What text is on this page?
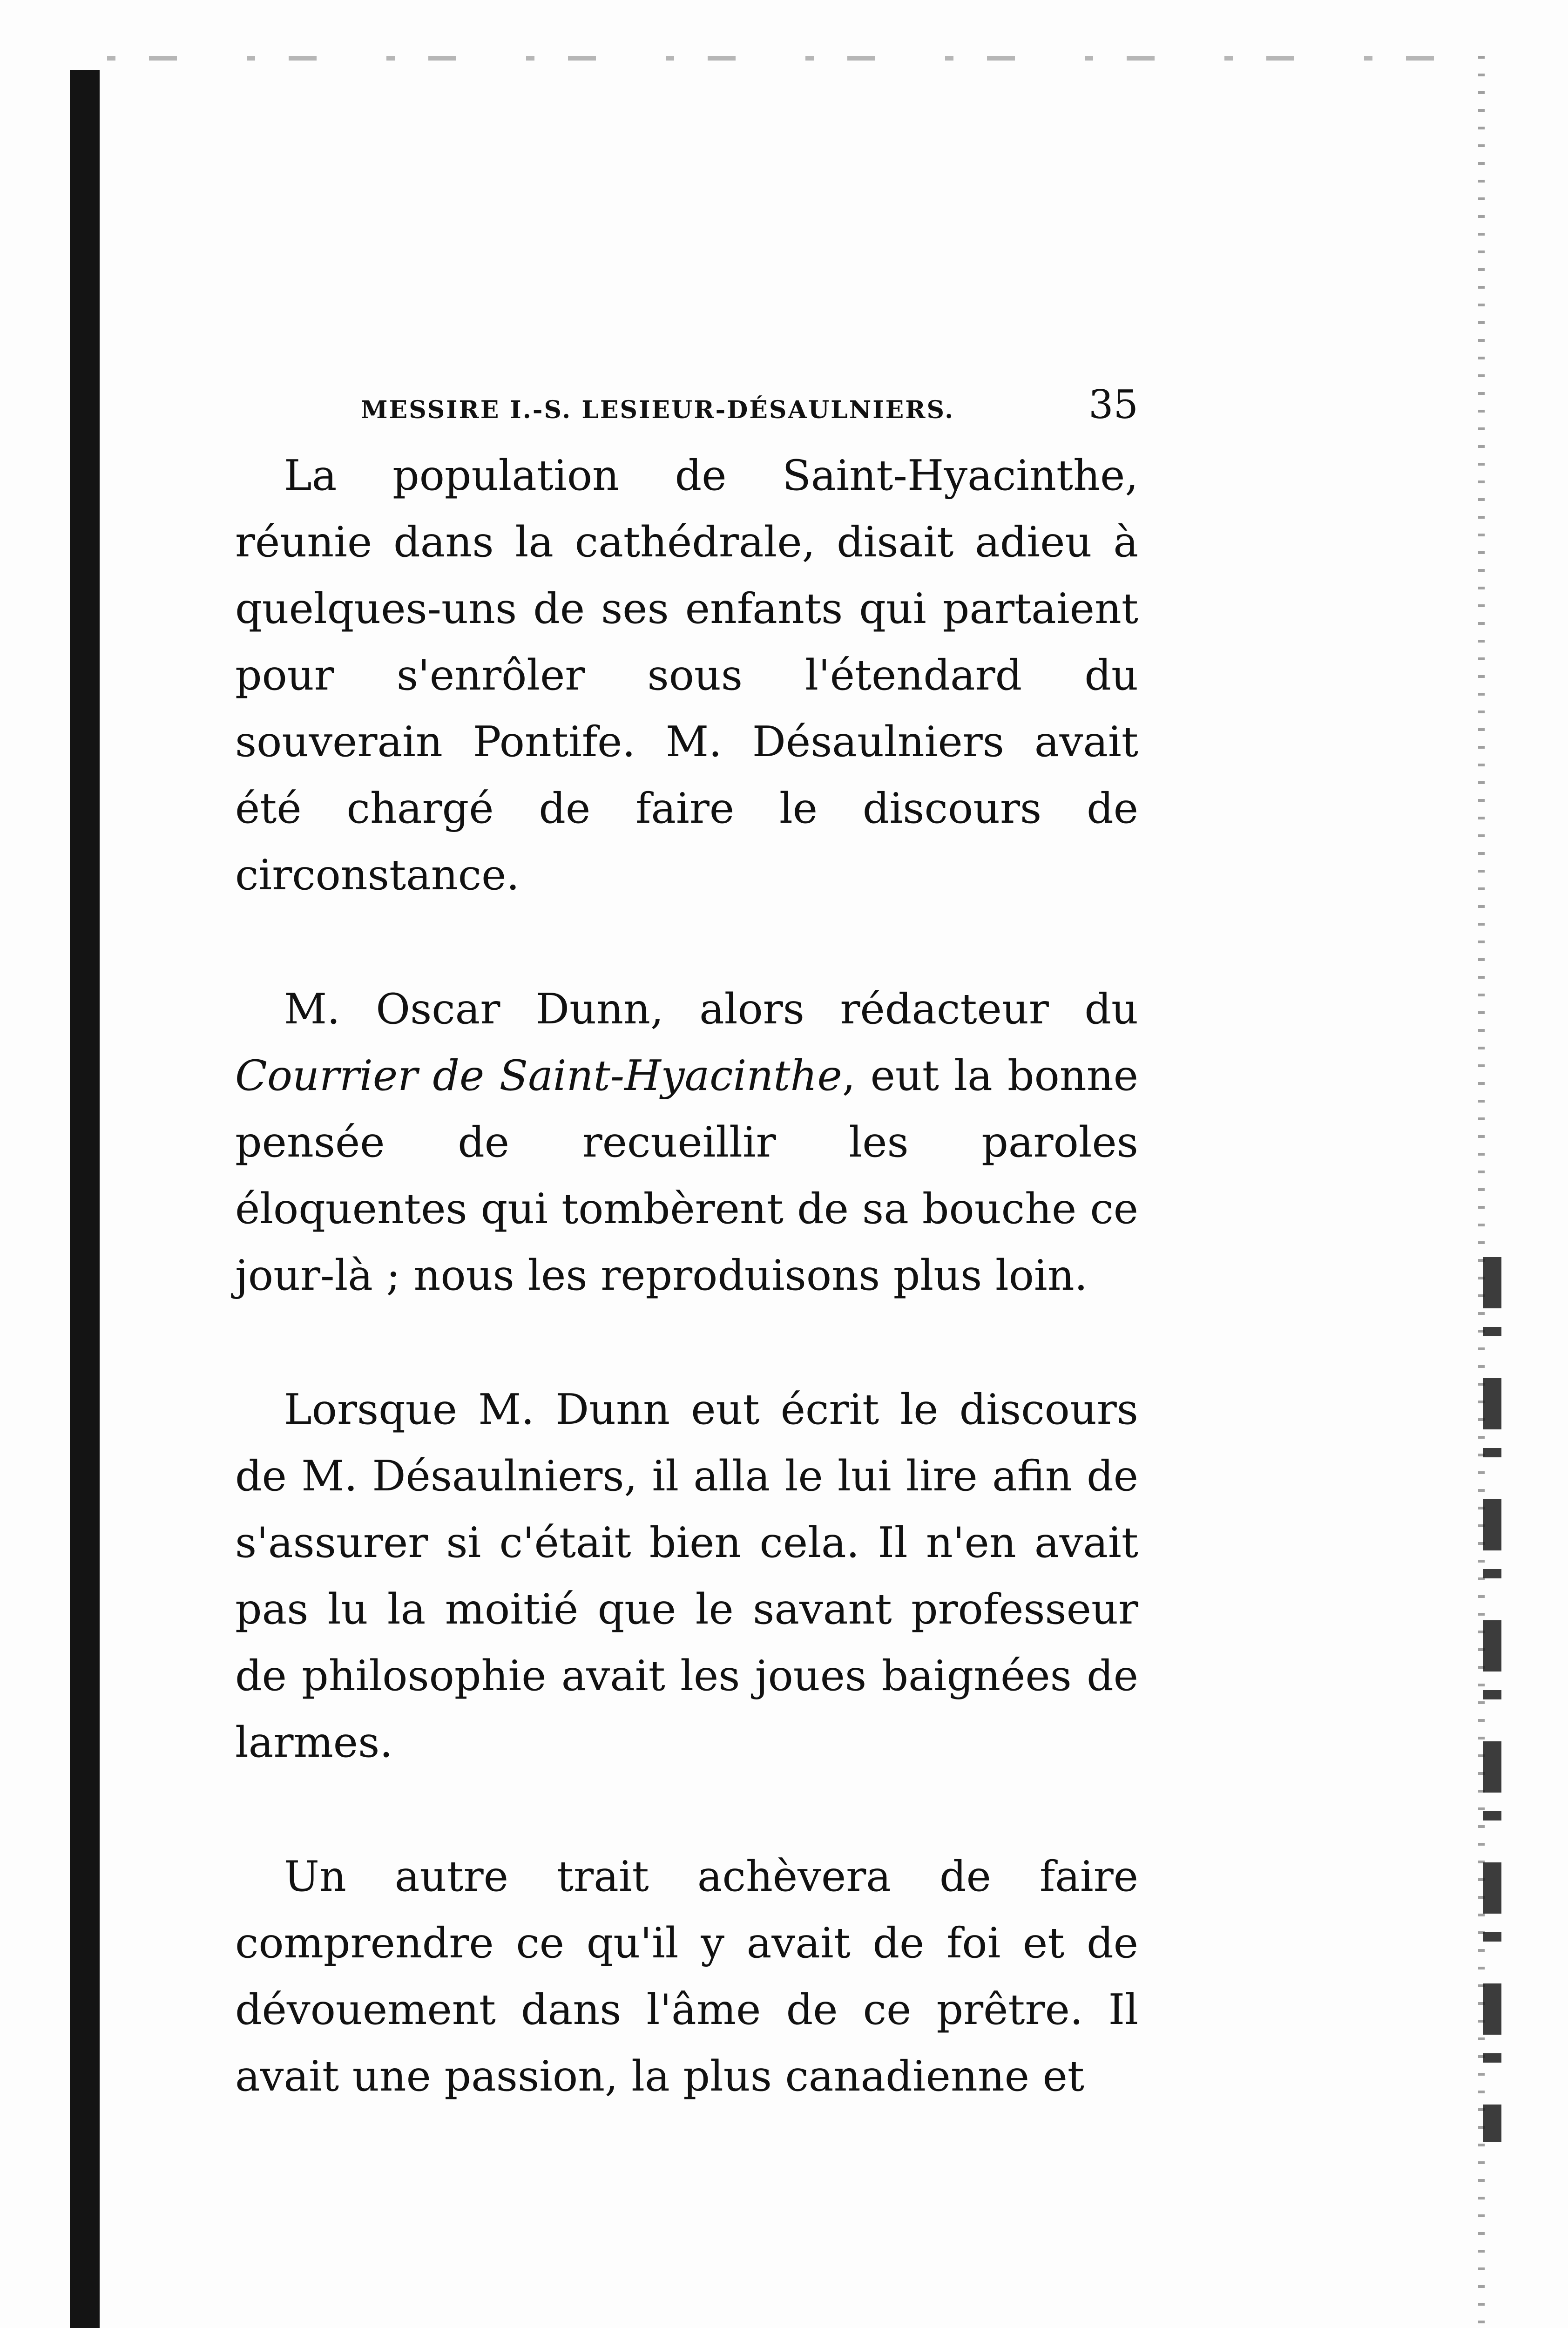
MESSIRE I.-S. LESIEUR-DÉSAULNIERS.	35

La population de Saint-Hyacinthe, réunie dans la cathédrale, disait adieu à quelques-uns de ses enfants qui partaient pour s'enrôler sous l'étendard du souverain Pontife. M. Désaulniers avait été chargé de faire le discours de circonstance.

M. Oscar Dunn, alors rédacteur du Courrier de Saint-Hyacinthe, eut la bonne pensée de recueillir les paroles éloquentes qui tombèrent de sa bouche ce jour-là ; nous les reproduisons plus loin.

Lorsque M. Dunn eut écrit le discours de M. Désaulniers, il alla le lui lire afin de s'assurer si c'était bien cela. Il n'en avait pas lu la moitié que le savant professeur de philosophie avait les joues baignées de larmes.

Un autre trait achèvera de faire comprendre ce qu'il y avait de foi et de dévouement dans l'âme de ce prêtre. Il avait une passion, la plus canadienne et
